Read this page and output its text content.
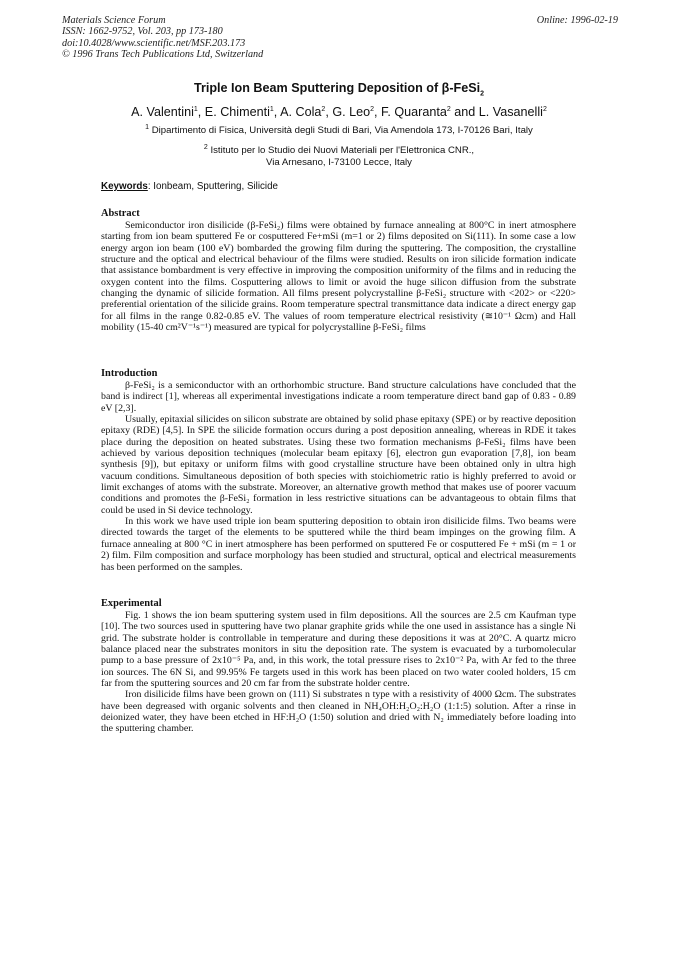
Materials Science Forum
ISSN: 1662-9752, Vol. 203, pp 173-180
doi:10.4028/www.scientific.net/MSF.203.173
© 1996 Trans Tech Publications Ltd, Switzerland
Online: 1996-02-19
Triple Ion Beam Sputtering Deposition of β-FeSi$_2$
A. Valentini$^1$, E. Chimenti$^1$, A. Cola$^2$, G. Leo$^2$, F. Quaranta$^2$ and L. Vasanelli$^2$
$^1$ Dipartimento di Fisica, Università degli Studi di Bari, Via Amendola 173, I-70126 Bari, Italy
$^2$ Istituto per lo Studio dei Nuovi Materiali per l'Elettronica CNR.,
Via Arnesano, I-73100 Lecce, Italy
Keywords: Ionbeam, Sputtering, Silicide
Abstract

Semiconductor iron disilicide (β-FeSi₂) films were obtained by furnace annealing at 800°C in inert atmosphere starting from ion beam sputtered Fe or cosputtered Fe+mSi (m=1 or 2) films deposited on Si(111). In some case a low energy argon ion beam (100 eV) bombarded the growing film during the sputtering. The composition, the crystalline structure and the optical and electrical behaviour of the films were studied. Results on iron silicide formation indicate that assistance bombardment is very effective in improving the composition uniformity of the films and in reducing the oxygen content into the films. Cosputtering allows to limit or avoid the huge silicon diffusion from the substrate changing the dynamic of silicide formation. All films present polycrystalline β-FeSi₂ structure with <202> or <220> preferential orientation of the silicide grains. Room temperature spectral transmittance data indicate a direct energy gap for all films in the range 0.82-0.85 eV. The values of room temperature electrical resistivity (≅10⁻¹ Ωcm) and Hall mobility (15-40 cm²V⁻¹s⁻¹) measured are typical for polycrystalline β-FeSi₂ films

Introduction

β-FeSi₂ is a semiconductor with an orthorhombic structure. Band structure calculations have concluded that the band is indirect [1], whereas all experimental investigations indicate a room temperature direct band gap of 0.83 - 0.89 eV [2,3].

Usually, epitaxial silicides on silicon substrate are obtained by solid phase epitaxy (SPE) or by reactive deposition epitaxy (RDE) [4,5]. In SPE the silicide formation occurs during a post deposition annealing, whereas in RDE it takes place during the deposition on heated substrates. Using these two formation mechanisms β-FeSi₂ films have been achieved by various deposition techniques (molecular beam epitaxy [6], electron gun evaporation [7,8], ion beam synthesis [9]), but epitaxy or uniform films with good crystalline structure have been obtained only in ultra high vacuum conditions. Simultaneous deposition of both species with stoichiometric ratio is highly preferred to avoid or limit exchanges of atoms with the substrate. Moreover, an alternative growth method that makes use of poorer vacuum conditions and promotes the β-FeSi₂ formation in less restrictive situations can be advantageous to obtain films that could be used in Si device technology.

In this work we have used triple ion beam sputtering deposition to obtain iron disilicide films. Two beams were directed towards the target of the elements to be sputtered while the third beam impinges on the growing film. A furnace annealing at 800 °C in inert atmosphere has been performed on sputtered Fe or cosputtered Fe + mSi (m = 1 or 2) film. Film composition and surface morphology has been studied and structural, optical and electrical measurements has been performed on the samples.

Experimental

Fig. 1 shows the ion beam sputtering system used in film depositions. All the sources are 2.5 cm Kaufman type [10]. The two sources used in sputtering have two planar graphite grids while the one used in assistance has a single Ni grid. The substrate holder is controllable in temperature and during these depositions it was at 20°C. A quartz micro balance placed near the substrates monitors in situ the deposition rate. The system is evacuated by a turbomolecular pump to a base pressure of 2x10⁻⁵ Pa, and, in this work, the total pressure rises to 2x10⁻² Pa, with Ar fed to the three ion sources. The 6N Si, and 99.95% Fe targets used in this work has been placed on two water cooled holders, 15 cm far from the sputtering sources and 20 cm far from the substrate holder centre.

Iron disilicide films have been grown on (111) Si substrates n type with a resistivity of 4000 Ωcm. The substrates have been degreased with organic solvents and then cleaned in NH₄OH:H₂O₂:H₂O (1:1:5) solution. After a rinse in deionized water, they have been etched in HF:H₂O (1:50) solution and dried with N₂ immediately before loading into the sputtering chamber.
